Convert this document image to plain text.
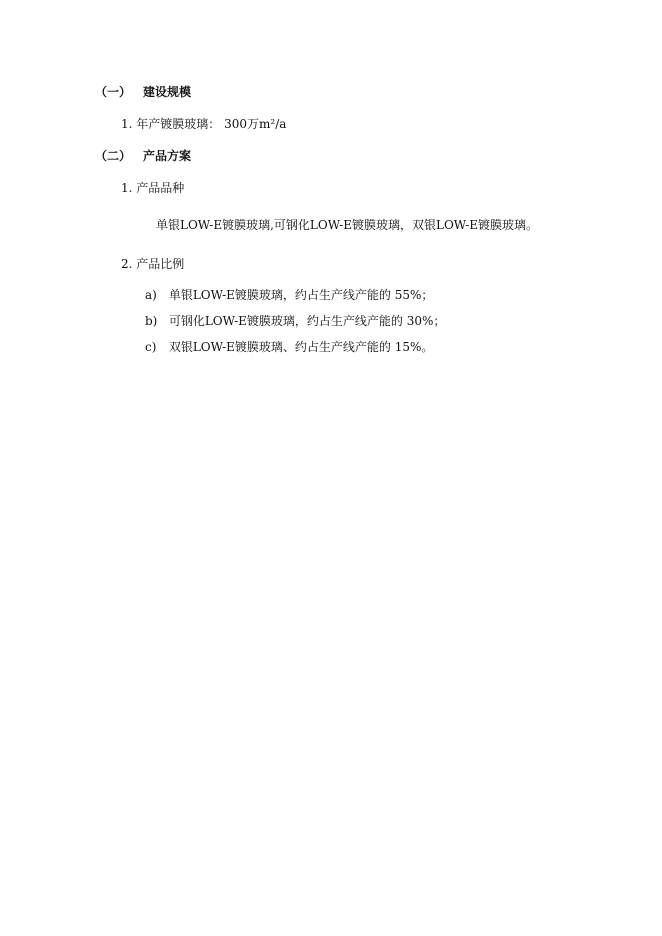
（一） 建设规模
1. 年产镀膜玻璃： 300万m²/a
（二） 产品方案
1. 产品品种
单银LOW-E镀膜玻璃,可钢化LOW-E镀膜玻璃，双银LOW-E镀膜玻璃。
2. 产品比例
a) 单银LOW-E镀膜玻璃，约占生产线产能的 55%；
b) 可钢化LOW-E镀膜玻璃，约占生产线产能的 30%；
c) 双银LOW-E镀膜玻璃、约占生产线产能的 15%。
